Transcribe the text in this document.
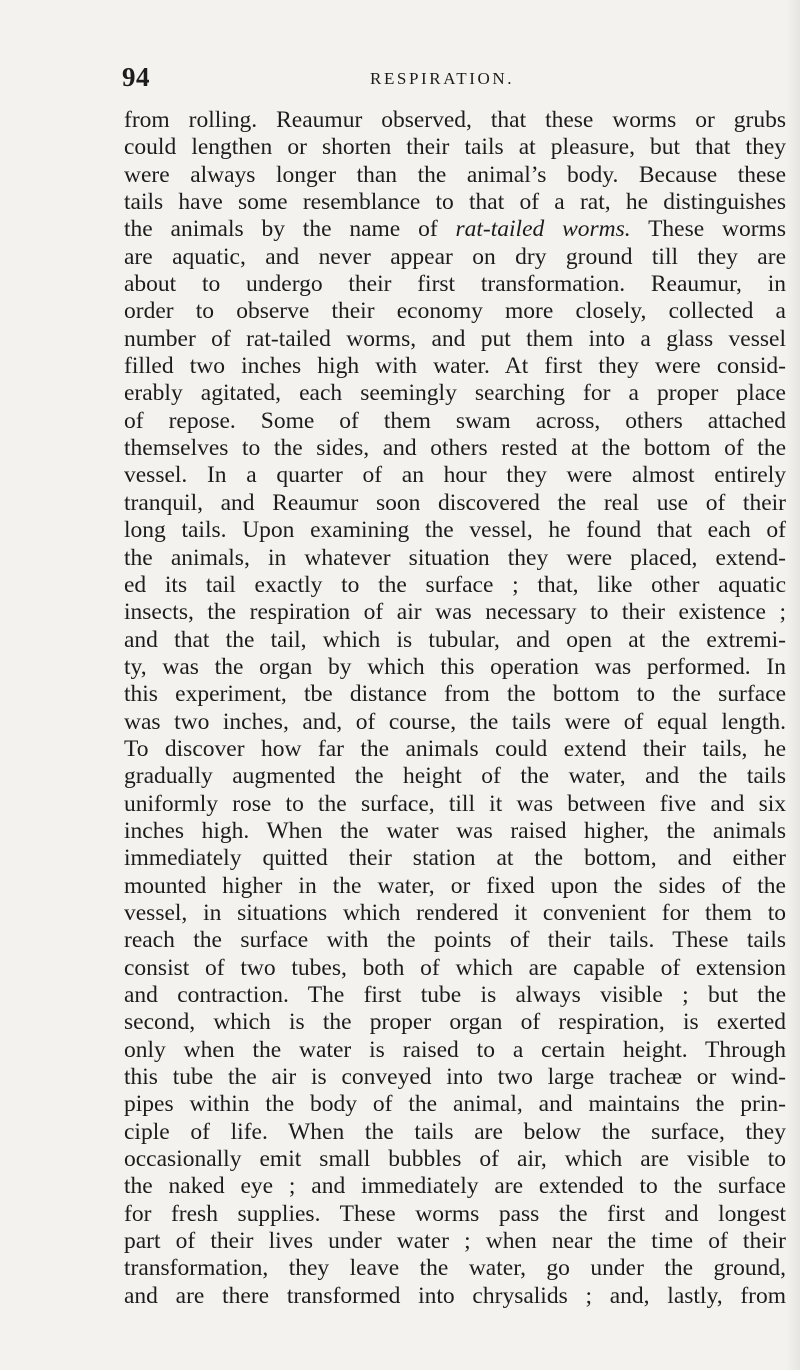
94	RESPIRATION.
from rolling. Reaumur observed, that these worms or grubs
could lengthen or shorten their tails at pleasure, but that they
were always longer than the animal’s body. Because these
tails have some resemblance to that of a rat, he distinguishes
the animals by the name of rat-tailed worms. These worms
are aquatic, and never appear on dry ground till they are
about to undergo their first transformation. Reaumur, in
order to observe their economy more closely, collected a
number of rat-tailed worms, and put them into a glass vessel
filled two inches high with water. At first they were consid-
erably agitated, each seemingly searching for a proper place
of repose. Some of them swam across, others attached
themselves to the sides, and others rested at the bottom of the
vessel. In a quarter of an hour they were almost entirely
tranquil, and Reaumur soon discovered the real use of their
long tails. Upon examining the vessel, he found that each of
the animals, in whatever situation they were placed, extend-
ed its tail exactly to the surface ; that, like other aquatic
insects, the respiration of air was necessary to their existence ;
and that the tail, which is tubular, and open at the extremi-
ty, was the organ by which this operation was performed. In
this experiment, tbe distance from the bottom to the surface
was two inches, and, of course, the tails were of equal length.
To discover how far the animals could extend their tails, he
gradually augmented the height of the water, and the tails
uniformly rose to the surface, till it was between five and six
inches high. When the water was raised higher, the animals
immediately quitted their station at the bottom, and either
mounted higher in the water, or fixed upon the sides of the
vessel, in situations which rendered it convenient for them to
reach the surface with the points of their tails. These tails
consist of two tubes, both of which are capable of extension
and contraction. The first tube is always visible ; but the
second, which is the proper organ of respiration, is exerted
only when the water is raised to a certain height. Through
this tube the air is conveyed into two large tracheæ or wind-
pipes within the body of the animal, and maintains the prin-
ciple of life. When the tails are below the surface, they
occasionally emit small bubbles of air, which are visible to
the naked eye ; and immediately are extended to the surface
for fresh supplies. These worms pass the first and longest
part of their lives under water ; when near the time of their
transformation, they leave the water, go under the ground,
and are there transformed into chrysalids ; and, lastly, from
